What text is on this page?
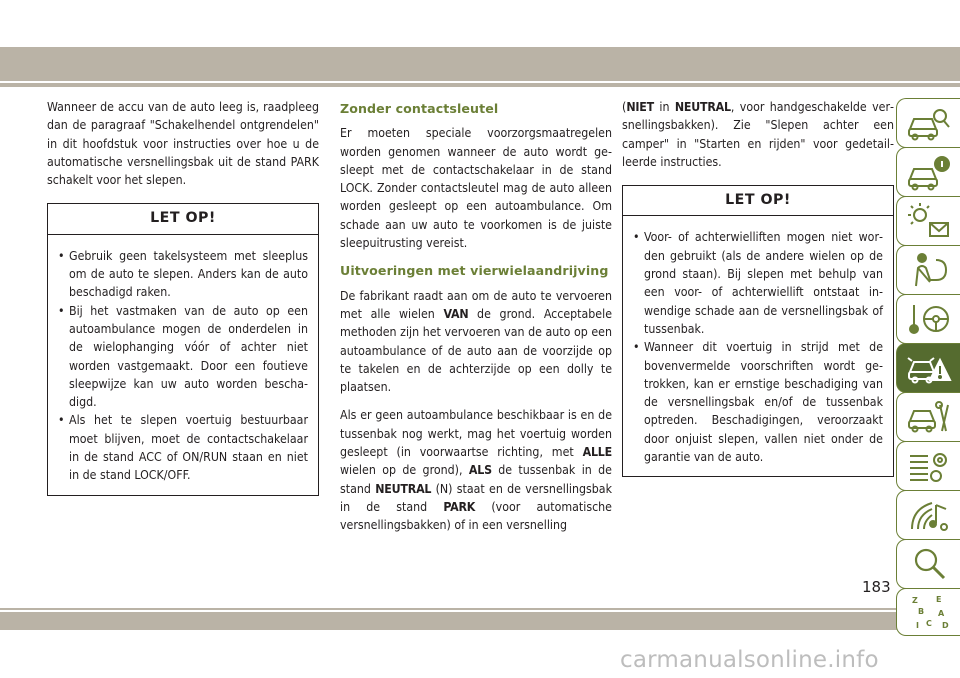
Wanneer de accu van de auto leeg is, raadpleeg dan de paragraaf "Schakelhendel ontgrendelen" in dit hoofdstuk voor instructies over hoe u de automatische versnellingsbak uit de stand PARK schakelt voor het slepen.

LET OP!

• Gebruik geen takelsysteem met sleeplus om de auto te slepen. Anders kan de auto beschadigd raken.

• Bij het vastmaken van de auto op een autoambulance mogen de onderdelen in de wielophanging vóór of achter niet worden vastgemaakt. Door een foutieve sleepwijze kan uw auto worden beschadigd.

• Als het te slepen voertuig bestuurbaar moet blijven, moet de contactschakelaar in de stand ACC of ON/RUN staan en niet in de stand LOCK/OFF.

Zonder contactsleutel

Er moeten speciale voorzorgsmaatregelen worden genomen wanneer de auto wordt gesleept met de contactschakelaar in de stand LOCK. Zonder contactsleutel mag de auto alleen worden gesleept op een autoambulance. Om schade aan uw auto te voorkomen is de juiste sleepuitrusting vereist.

Uitvoeringen met vierwielaandrijving

De fabrikant raadt aan om de auto te vervoeren met alle wielen VAN de grond. Acceptabele methoden zijn het vervoeren van de auto op een autoambulance of de auto aan de voorzijde op te takelen en de achterzijde op een dolly te plaatsen.

Als er geen autoambulance beschikbaar is en de tussenbak nog werkt, mag het voertuig worden gesleept (in voorwaartse richting, met ALLE wielen op de grond), ALS de tussenbak in de stand NEUTRAL (N) staat en de versnellingsbak in de stand PARK (voor automatische versnellingsbakken) of in een versnelling

(NIET in NEUTRAL, voor handgeschakelde versnellingsbakken). Zie "Slepen achter een camper" in "Starten en rijden" voor gedetailleerde instructies.

LET OP!

• Voor- of achterwielliften mogen niet worden gebruikt (als de andere wielen op de grond staan). Bij slepen met behulp van een voor- of achterwiellift ontstaat inwendige schade aan de versnellingsbak of tussenbak.

• Wanneer dit voertuig in strijd met de bovenvermelde voorschriften wordt getrokken, kan er ernstige beschadiging van de versnellingsbak en/of de tussenbak optreden. Beschadigingen, veroorzaakt door onjuist slepen, vallen niet onder de garantie van de auto.

Z E
B A
C
I	D
183
carmanualsonline.info
